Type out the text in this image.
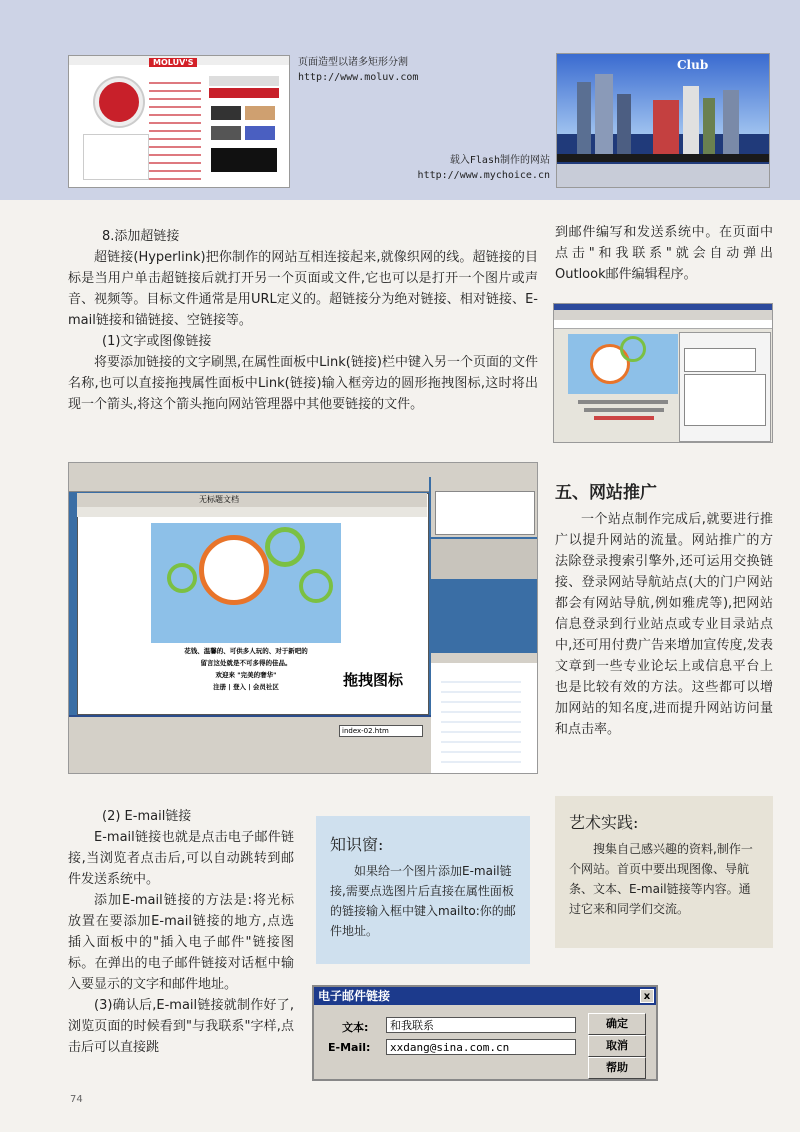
MOLUV'S	页面造型以诸多矩形分割
http://www.moluv.com
载入Flash制作的网站
http://www.mychoice.cn
Club

8.添加超链接

超链接(Hyperlink)把你制作的网站互相连接起来,就像织网的线。超链接的目标是当用户单击超链接后就打开另一个页面或文件,它也可以是打开一个图片或声音、视频等。目标文件通常是用URL定义的。超链接分为绝对链接、相对链接、E-mail链接和锚链接、空链接等。

(1)文字或图像链接

将要添加链接的文字刷黑,在属性面板中Link(链接)栏中键入另一个页面的文件名称,也可以直接拖拽属性面板中Link(链接)输入框旁边的圆形拖拽图标,这时将出现一个箭头,将这个箭头拖向网站管理器中其他要链接的文件。

到邮件编写和发送系统中。在页面中点击"和我联系"就会自动弹出Outlook邮件编辑程序。

无标题文档
花钱、温馨的、可供多人玩的、对于新吧的
留言这处就是不可多得的佳品。
欢迎来 "完美的奢华"
注册 | 登入 | 会员社区	拖拽图标
index-02.htm
五、网站推广

一个站点制作完成后,就要进行推广以提升网站的流量。网站推广的方法除登录搜索引擎外,还可运用交换链接、登录网站导航站点(大的门户网站都会有网站导航,例如雅虎等),把网站信息登录到行业站点或专业目录站点中,还可用付费广告来增加宣传度,发表文章到一些专业论坛上或信息平台上也是比较有效的方法。这些都可以增加网站的知名度,进而提升网站访问量和点击率。

(2) E-mail链接

E-mail链接也就是点击电子邮件链接,当浏览者点击后,可以自动跳转到邮件发送系统中。

添加E-mail链接的方法是:将光标放置在要添加E-mail链接的地方,点选插入面板中的"插入电子邮件"链接图标。在弹出的电子邮件链接对话框中输入要显示的文字和邮件地址。

(3)确认后,E-mail链接就制作好了,浏览页面的时候看到"与我联系"字样,点击后可以直接跳

知识窗:

如果给一个图片添加E-mail链接,需要点选图片后直接在属性面板的链接输入框中键入mailto:你的邮件地址。

艺术实践:

搜集自己感兴趣的资料,制作一个网站。首页中要出现图像、导航条、文本、E-mail链接等内容。通过它来和同学们交流。

电子邮件链接	x
文本:	和我联系
E-Mail:	xxdang@sina.com.cn
确定
取消
帮助
74
